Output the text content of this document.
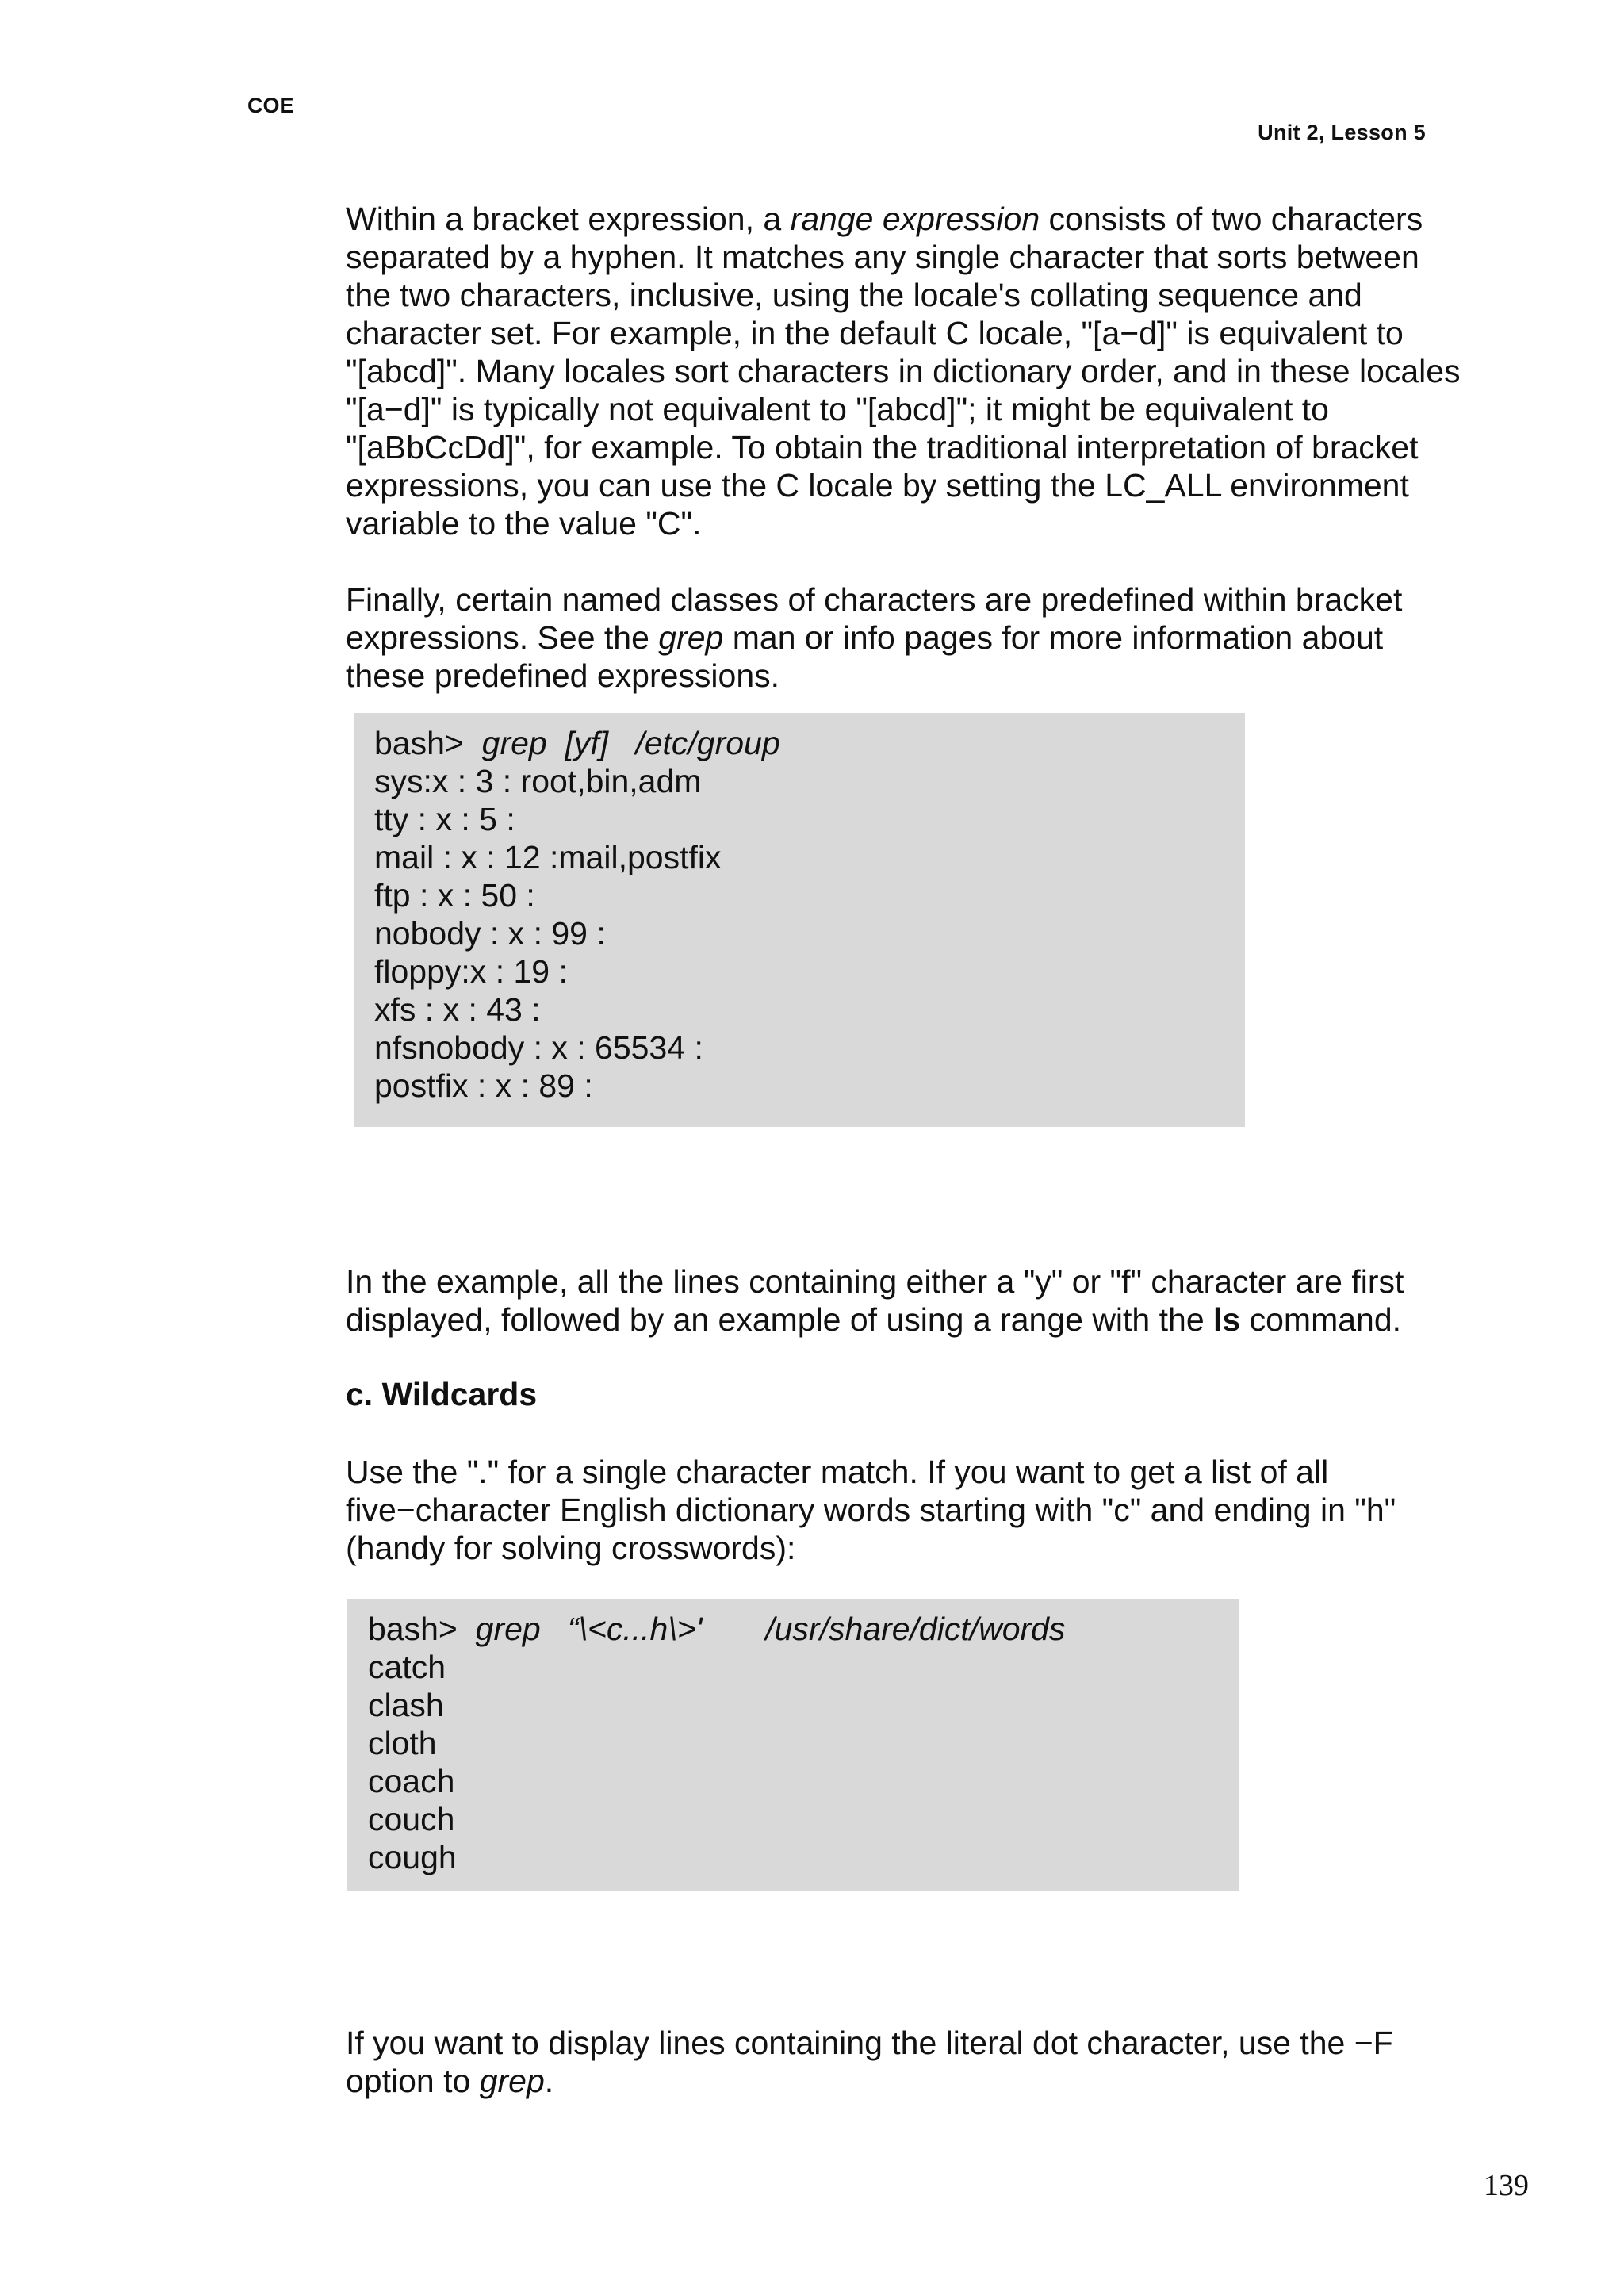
COE
Unit 2, Lesson 5
Within a bracket expression, a range expression consists of two characters
separated by a hyphen. It matches any single character that sorts between
the two characters, inclusive, using the locale's collating sequence and
character set. For example, in the default C locale, "[a−d]" is equivalent to
"[abcd]". Many locales sort characters in dictionary order, and in these locales
"[a−d]" is typically not equivalent to "[abcd]"; it might be equivalent to
"[aBbCcDd]", for example. To obtain the traditional interpretation of bracket
expressions, you can use the C locale by setting the LC_ALL environment
variable to the value "C".
Finally, certain named classes of characters are predefined within bracket
expressions. See the grep man or info pages for more information about
these predefined expressions.
bash>  grep  [yf]   /etc/group
sys:x : 3 : root,bin,adm
tty : x : 5 :
mail : x : 12 :mail,postfix
ftp : x : 50 :
nobody : x : 99 :
floppy:x : 19 :
xfs : x : 43 :
nfsnobody : x : 65534 :
postfix : x : 89 :
In the example, all the lines containing either a "y" or "f" character are first
displayed, followed by an example of using a range with the ls command.
c. Wildcards
Use the "." for a single character match. If you want to get a list of all
five−character English dictionary words starting with "c" and ending in "h"
(handy for solving crosswords):
bash>  grep   “\<c...h\>'       /usr/share/dict/words
catch
clash
cloth
coach
couch
cough
If you want to display lines containing the literal dot character, use the −F
option to grep.
139
